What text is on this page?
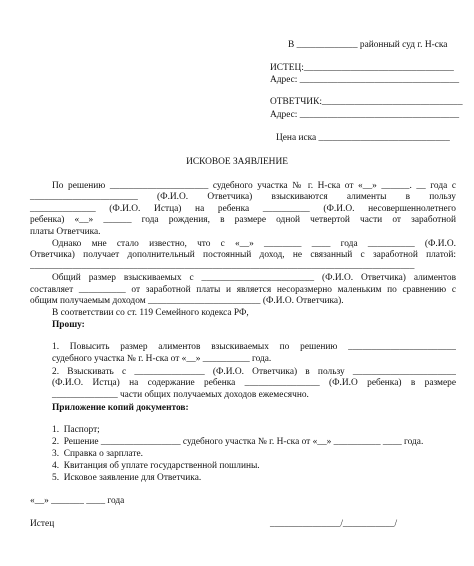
В _____________ районный суд г. Н-ска
ИСТЕЦ:________________________________
Адрес: __________________________________
ОТВЕТЧИК:______________________________
Адрес: __________________________________
Цена иска ____________________________
ИСКОВОЕ ЗАЯВЛЕНИЕ
По решению _____________________ судебного участка № г. Н-ска от «__» ______. __ года с
_______________________ (Ф.И.О. Ответчика) взыскиваются алименты в пользу
______________ (Ф.И.О. Истца) на ребенка __________ (Ф.И.О. несовершеннолетнего
ребенка) «__» ______ года рождения, в размере одной четвертой части от заработной
платы Ответчика.
Однако мне стало известно, что с «__» ________ ____ года __________ (Ф.И.О.
Ответчика) получает дополнительный постоянный доход, не связанный с заработной платой:
__________________________________________________________________________________
Общий размер взыскиваемых с ________________________ (Ф.И.О. Ответчика) алиментов
составляет __________ от заработной платы и является несоразмерно маленьким по сравнению с
общим получаемым доходом ________________________ (Ф.И.О. Ответчика).
В соответствии со ст. 119 Семейного кодекса РФ,
Прошу:
1. Повысить размер алиментов взыскиваемых по решению _______________________
судебного участка № г. Н-ска от «__» __________ года.
2. Взыскивать с _______________ (Ф.И.О. Ответчика) в пользу ______________________
(Ф.И.О. Истца) на содержание ребенка ________________ (Ф.И.О ребенка) в размере
______________ части общих получаемых доходов ежемесячно.
Приложение копий документов:
1.  Паспорт;
2.  Решение _________________ судебного участка № г. Н-ска от «__» __________ ____ года.
3.  Справка о зарплате.
4.  Квитанция об уплате государственной пошлины.
5.  Исковое заявление для Ответчика.
«__» _______ ____ года
Истец	_______________/___________/
